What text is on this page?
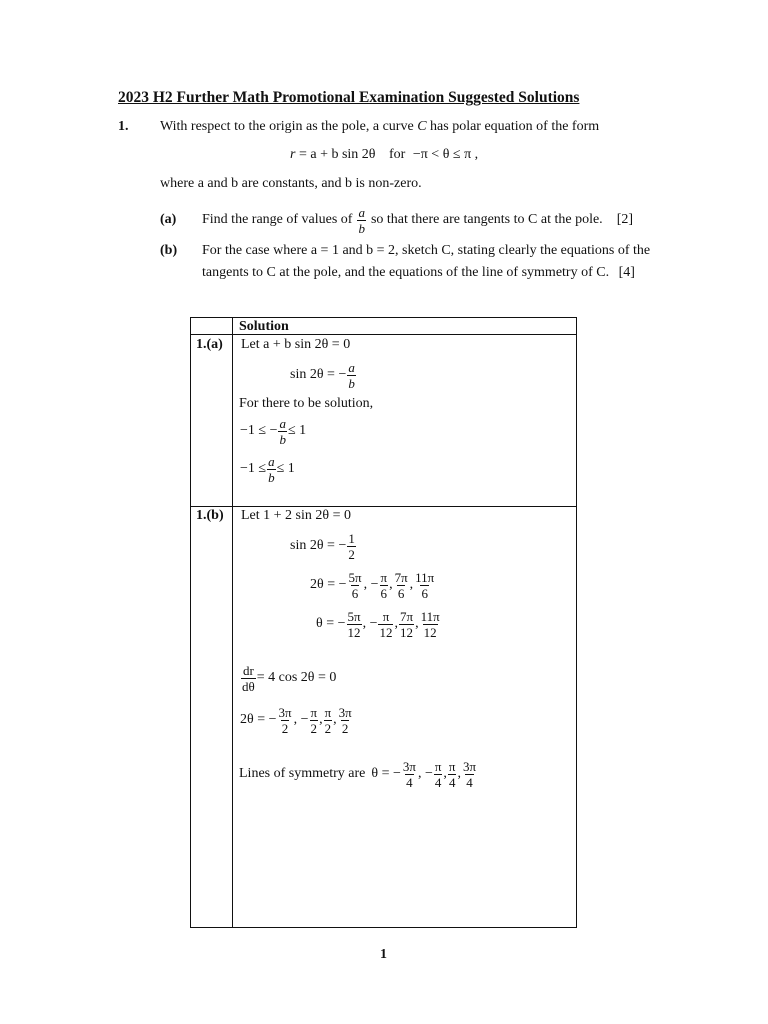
2023 H2 Further Math Promotional Examination Suggested Solutions
1. With respect to the origin as the pole, a curve C has polar equation of the form
r = a + b sin 2θ for −π < θ ≤ π ,
where a and b are constants, and b is non-zero.
(a) Find the range of values of $\frac{a}{b}$ so that there are tangents to C at the pole. [2]
(b) For the case where a = 1 and b = 2, sketch C, stating clearly the equations of the
tangents to C at the pole, and the equations of the line of symmetry of C. [4]
Solution
1.(a) Let a + b sin 2θ = 0
sin 2θ = − $\frac{a}{b}$
For there to be solution,
−1 ≤ − $\frac{a}{b} \le 1$
$-1 \le \frac{a}{b} \le 1$
1.(b) Let 1 + 2 sin 2θ = 0
sin 2θ = − $\frac{1}{2}$
2θ = − $\frac{5\pi}{6}$ , − $\frac{\pi}{6}$ , $\frac{7\pi}{6}$ , $\frac{11\pi}{6}$
θ = − $\frac{5\pi}{12}$ , − $\frac{\pi}{12}$ , $\frac{7\pi}{12}$ , $\frac{11\pi}{12}$
$\frac{dr}{d\theta} = 4$ cos 2θ = 0
2θ = − $\frac{3\pi}{2}$ , − $\frac{\pi}{2}$ , $\frac{\pi}{2}$ , $\frac{3\pi}{2}$
Lines of symmetry are θ = − $\frac{3\pi}{4}$ , − $\frac{\pi}{4}$ , $\frac{\pi}{4}$ , $\frac{3\pi}{4}$
1
